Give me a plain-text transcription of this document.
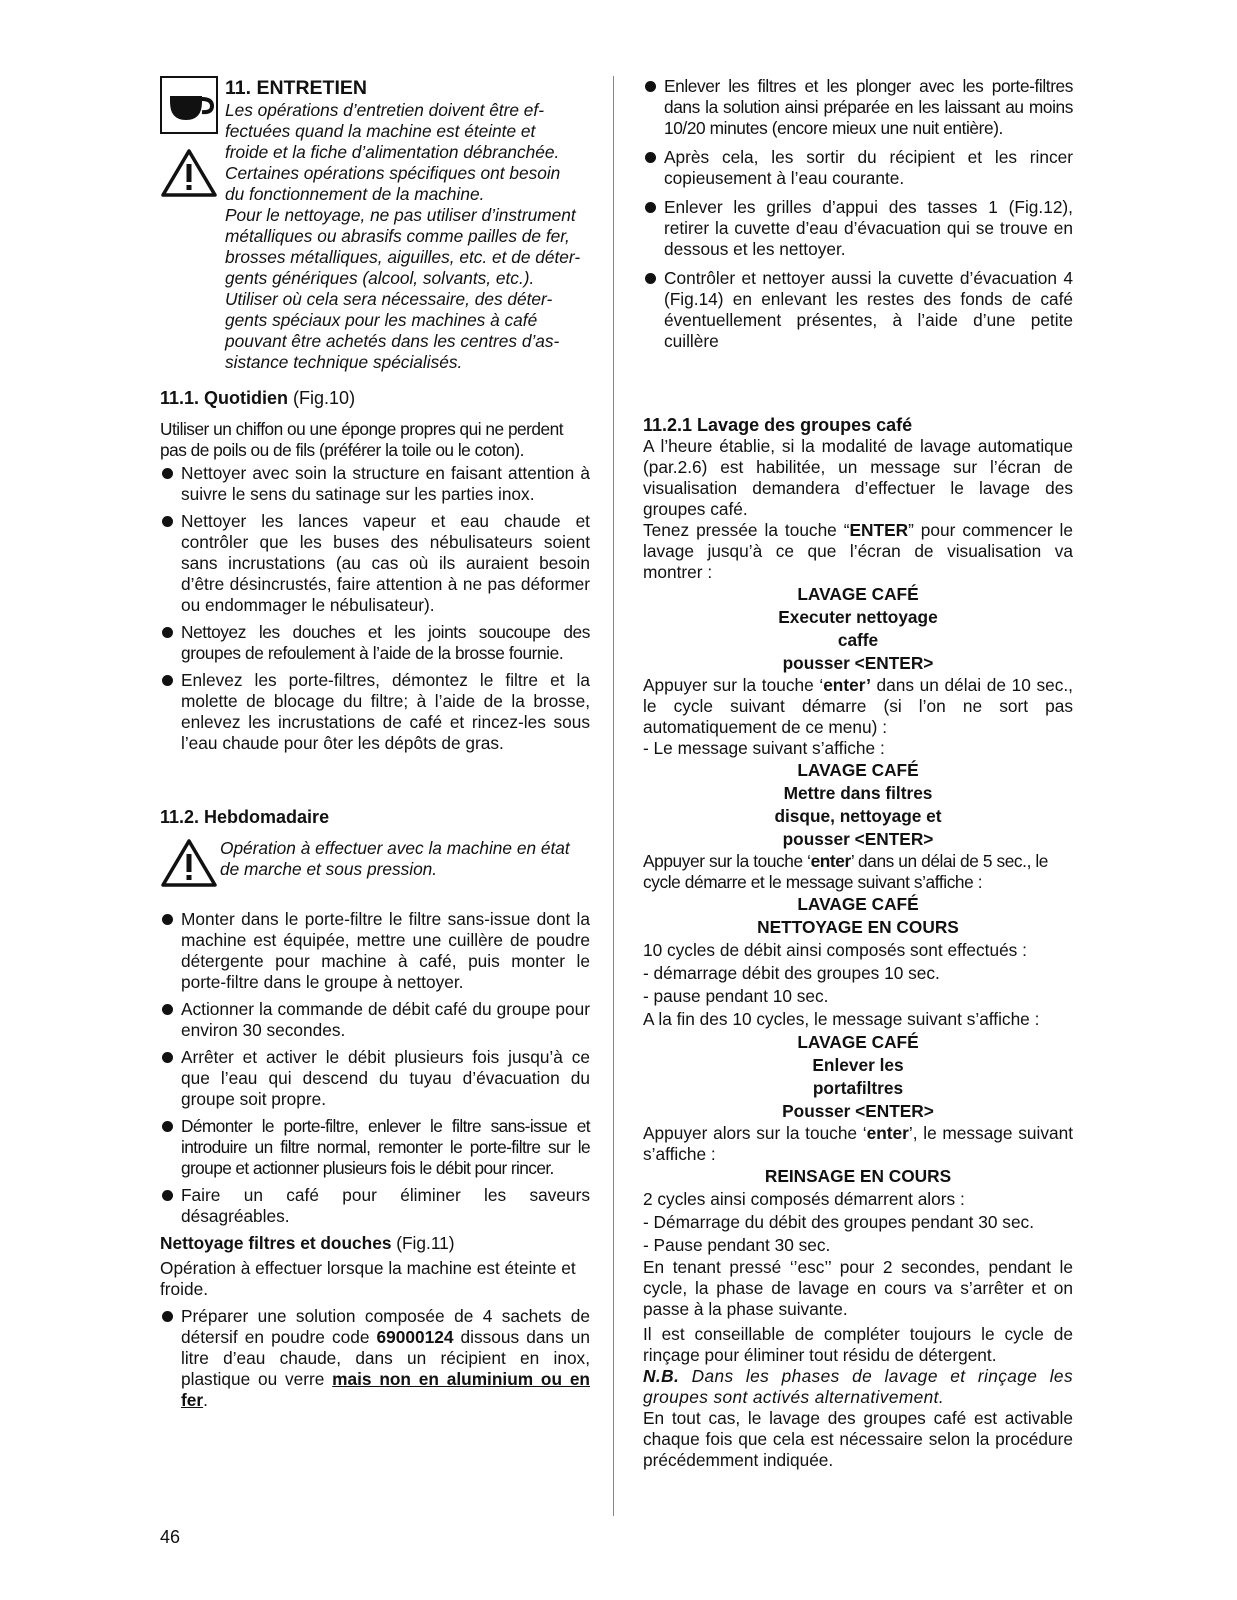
11. ENTRETIEN

Les opérations d’entretien doivent être ef-

fectuées quand la machine est éteinte et

froide et la fiche d’alimentation débranchée.

Certaines opérations spécifiques ont besoin

du fonctionnement de la machine.

Pour le nettoyage, ne pas utiliser d’instrument

métalliques ou abrasifs comme pailles de fer,

brosses métalliques, aiguilles, etc. et de déter-

gents génériques (alcool, solvants, etc.).

Utiliser où cela sera nécessaire, des déter-

gents spéciaux pour les machines à café

pouvant être achetés dans les centres d’as-

sistance technique spécialisés.

11.1. Quotidien (Fig.10)

Utiliser un chiffon ou une éponge propres qui ne perdent pas de poils ou de fils (préférer la toile ou le coton).

Nettoyer avec soin la structure en faisant attention à suivre le sens du satinage sur les parties inox.
Nettoyer les lances vapeur et eau chaude et contrôler que les buses des nébulisateurs soient sans incrustations (au cas où ils auraient besoin d’être désincrustés, faire attention à ne pas déformer ou endommager le nébulisateur).
Nettoyez les douches et les joints soucoupe des groupes de refoulement à l’aide de la brosse fournie.
Enlevez les porte-filtres, démontez le filtre et la molette de blocage du filtre; à l’aide de la brosse, enlevez les incrustations de café et rincez-les sous l’eau chaude pour ôter les dépôts de gras.

11.2. Hebdomadaire

Opération à effectuer avec la machine en état de marche et sous pression.

Monter dans le porte-filtre le filtre sans-issue dont la machine est équipée, mettre une cuillère de poudre détergente pour machine à café, puis monter le porte-filtre dans le groupe à nettoyer.
Actionner la commande de débit café du groupe pour environ 30 secondes.
Arrêter et activer le débit plusieurs fois jusqu’à ce que l’eau qui descend du tuyau d’évacuation du groupe soit propre.
Démonter le porte-filtre, enlever le filtre sans-issue et introduire un filtre normal, remonter le porte-filtre sur le groupe et actionner plusieurs fois le débit pour rincer.
Faire un café pour éliminer les saveurs désagréables.

Nettoyage filtres et douches (Fig.11)

Opération à effectuer lorsque la machine est éteinte et froide.

Préparer une solution composée de 4 sachets de détersif en poudre code 69000124 dissous dans un litre d’eau chaude, dans un récipient en inox, plastique ou verre mais non en aluminium ou en fer.
Enlever les filtres et les plonger avec les porte-filtres dans la solution ainsi préparée en les laissant au moins 10/20 minutes (encore mieux une nuit entière).
Après cela, les sortir du récipient et les rincer copieusement à l’eau courante.
Enlever les grilles d’appui des tasses 1 (Fig.12), retirer la cuvette d’eau d’évacuation qui se trouve en dessous et les nettoyer.
Contrôler et nettoyer aussi la cuvette d’évacuation 4 (Fig.14) en enlevant les restes des fonds de café éventuellement présentes, à l’aide d’une petite cuillère

11.2.1 Lavage des groupes café

A l’heure établie, si la modalité de lavage automatique (par.2.6) est habilitée, un message sur l’écran de visualisation demandera d’effectuer le lavage des groupes café.

Tenez pressée la touche “ENTER” pour commencer le lavage jusqu’à ce que l’écran de visualisation va montrer :

LAVAGE CAFÉ

Executer nettoyage

caffe

pousser <ENTER>

Appuyer sur la touche ‘enter’ dans un délai de 10 sec., le cycle suivant démarre (si l’on ne sort pas automatiquement de ce menu) :

- Le message suivant s’affiche :

LAVAGE CAFÉ

Mettre dans filtres

disque, nettoyage et

pousser <ENTER>

Appuyer sur la touche ‘enter’ dans un délai de 5 sec., le cycle démarre et le message suivant s’affiche :

LAVAGE CAFÉ

NETTOYAGE EN COURS

10 cycles de débit ainsi composés sont effectués :

- démarrage débit des groupes 10 sec.

- pause pendant 10 sec.

A la fin des 10 cycles, le message suivant s’affiche :

LAVAGE CAFÉ

Enlever les

portafiltres

Pousser <ENTER>

Appuyer alors sur la touche ‘enter’, le message suivant s’affiche :

REINSAGE EN COURS

2 cycles ainsi composés démarrent alors :

- Démarrage du débit des groupes pendant 30 sec.

- Pause pendant 30 sec.

En tenant pressé ‘’esc’’ pour 2 secondes, pendant le cycle, la phase de lavage en cours va s’arrêter et on passe à la phase suivante.

Il est conseillable de compléter toujours le cycle de rinçage pour éliminer tout résidu de détergent.

N.B. Dans les phases de lavage et rinçage les groupes sont activés alternativement.

En tout cas, le lavage des groupes café est activable chaque fois que cela est nécessaire selon la procédure précédemment indiquée.

46
